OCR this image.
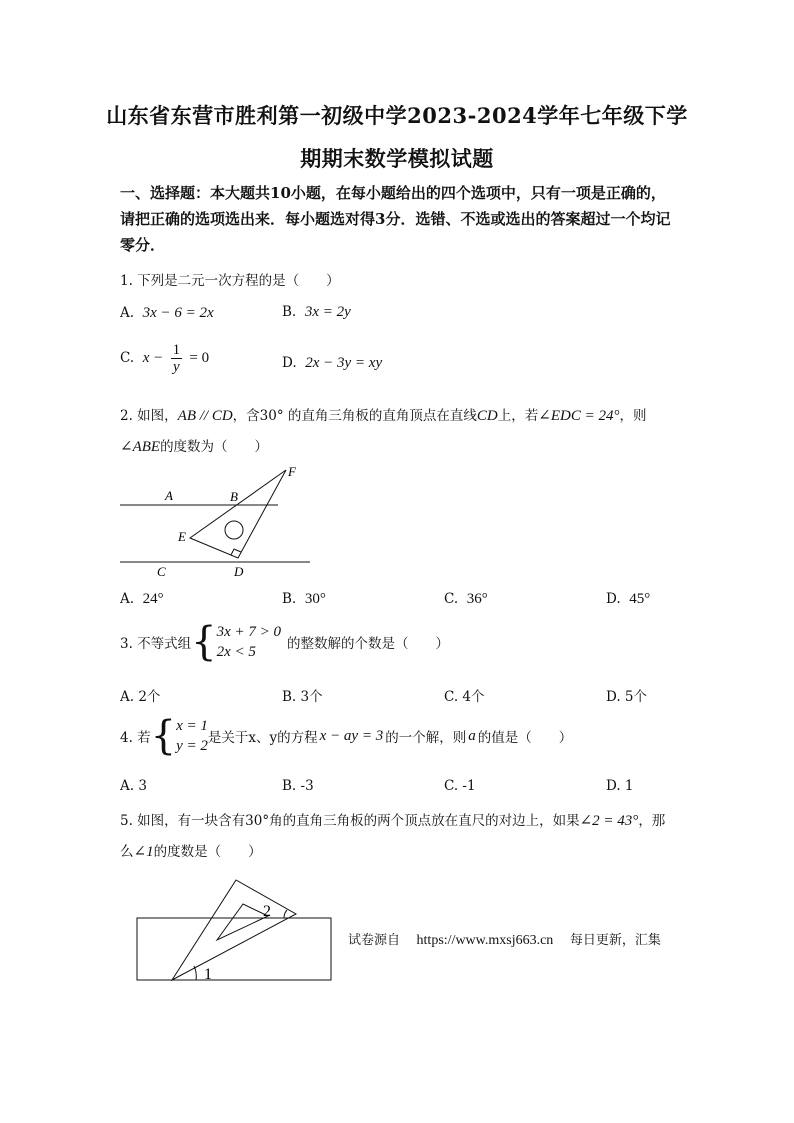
山东省东营市胜利第一初级中学2023-2024学年七年级下学
期期末数学模拟试题
一、选择题：本大题共10小题，在每小题给出的四个选项中，只有一项是正确的，请把正确的选项选出来．每小题选对得3分．选错、不选或选出的答案超过一个均记零分．
1. 下列是二元一次方程的是（　　）
A. 3x − 6 = 2x	B. 3x = 2y
C. $x - \frac{1}{y} = 0$	D. 2x − 3y = xy
2. 如图，AB // CD，含30° 的直角三角板的直角顶点在直线CD上，若∠EDC = 24°，则
∠ABE的度数为（　　）
A	B
E
F
C	D
A. 24°	B. 30°	C. 36°	D. 45°
3. 不等式组 { 3x + 7 > 0
2x < 5	的整数解的个数是（　　）
A. 2个	B. 3个	C. 4个	D. 5个
4. 若 { x = 1
y = 2 是关于x、y的方程 x − ay = 3 的一个解，则 a 的值是（　　）
A. 3	B. -3	C. -1	D. 1
5. 如图，有一块含有30°角的直角三角板的两个顶点放在直尺的对边上，如果∠2 = 43°，那
么∠1的度数是（　　）
1
2
试卷源自 https://www.mxsj663.cn 每日更新，汇集
